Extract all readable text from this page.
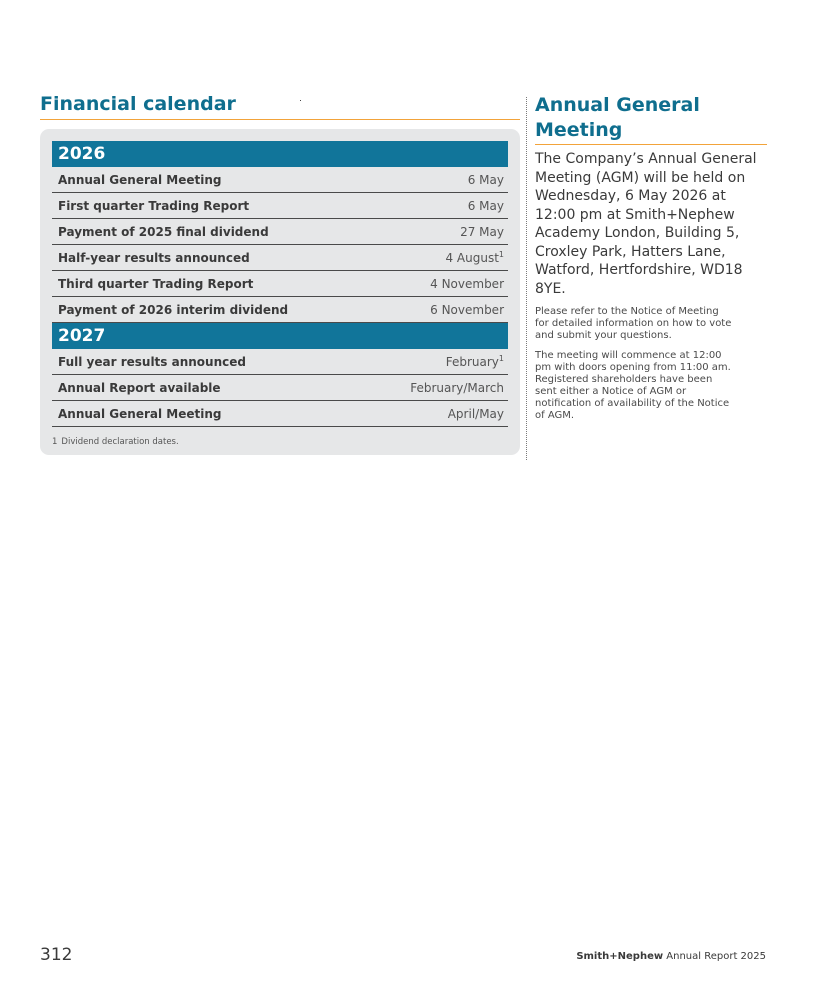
Financial calendar
2026
Annual General Meeting	6 May
First quarter Trading Report	6 May
Payment of 2025 final dividend	27 May
Half-year results announced	4 August$^1$
Third quarter Trading Report	4 November
Payment of 2026 interim dividend	6 November
2027
Full year results announced	February$^1$
Annual Report available	February/March
Annual General Meeting	April/May
1 Dividend declaration dates.
Annual General
Meeting

The Company’s Annual General Meeting (AGM) will be held on Wednesday, 6 May 2026 at 12:00 pm at Smith+Nephew Academy London, Building 5, Croxley Park, Hatters Lane, Watford, Hertfordshire, WD18 8YE.

Please refer to the Notice of Meeting for detailed information on how to vote and submit your questions.

The meeting will commence at 12:00 pm with doors opening from 11:00 am. Registered shareholders have been sent either a Notice of AGM or notification of availability of the Notice of AGM.

312	Smith+Nephew Annual Report 2025
